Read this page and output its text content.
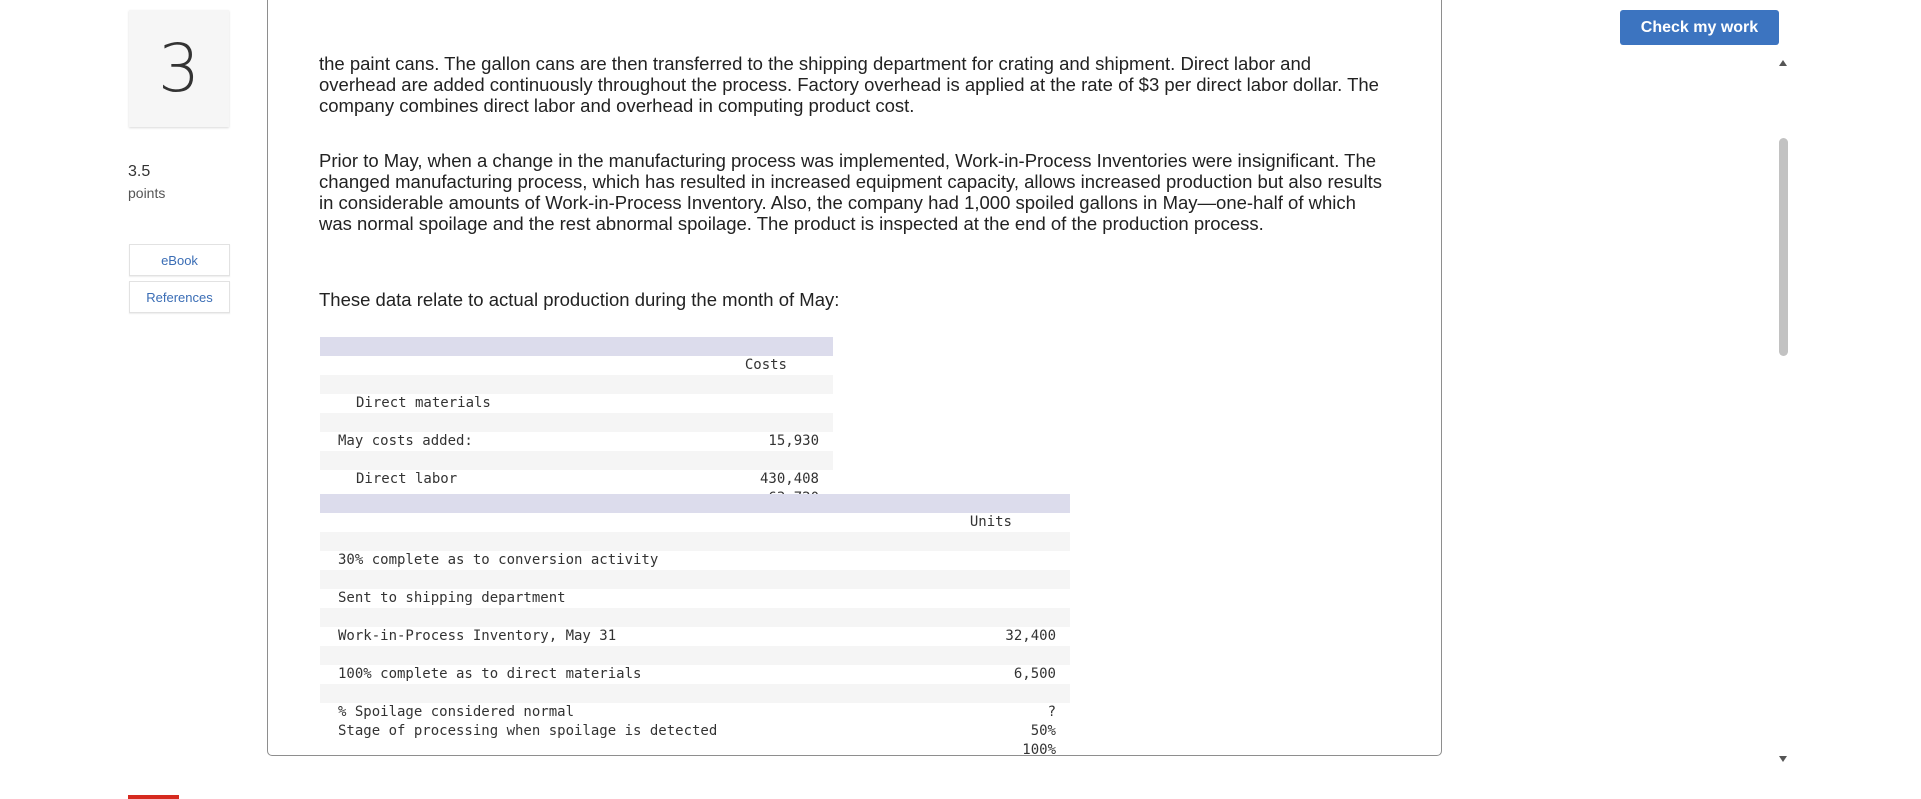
3
3.5
points
eBook
References

the paint cans. The gallon cans are then transferred to the shipping department for crating and shipment. Direct labor and overhead are added continuously throughout the process. Factory overhead is applied at the rate of $3 per direct labor dollar. The company combines direct labor and overhead in computing product cost.

Prior to May, when a change in the manufacturing process was implemented, Work-in-Process Inventories were insignificant. The changed manufacturing process, which has resulted in increased equipment capacity, allows increased production but also results in considerable amounts of Work-in-Process Inventory. Also, the company had 1,000 spoiled gallons in May—one-half of which was normal spoilage and the rest abnormal spoilage. The product is inspected at the end of the production process.

These data relate to actual production during the month of May:

Costs

Direct materials

15,930

May costs added:

430,408

Direct labor

Units

30% complete as to conversion activity

Sent to shipping department

32,400

Work-in-Process Inventory, May 31

6,500

100% complete as to direct materials

?

% Spoilage considered normal

50%

Stage of processing when spoilage is detected

100%

Check my work
